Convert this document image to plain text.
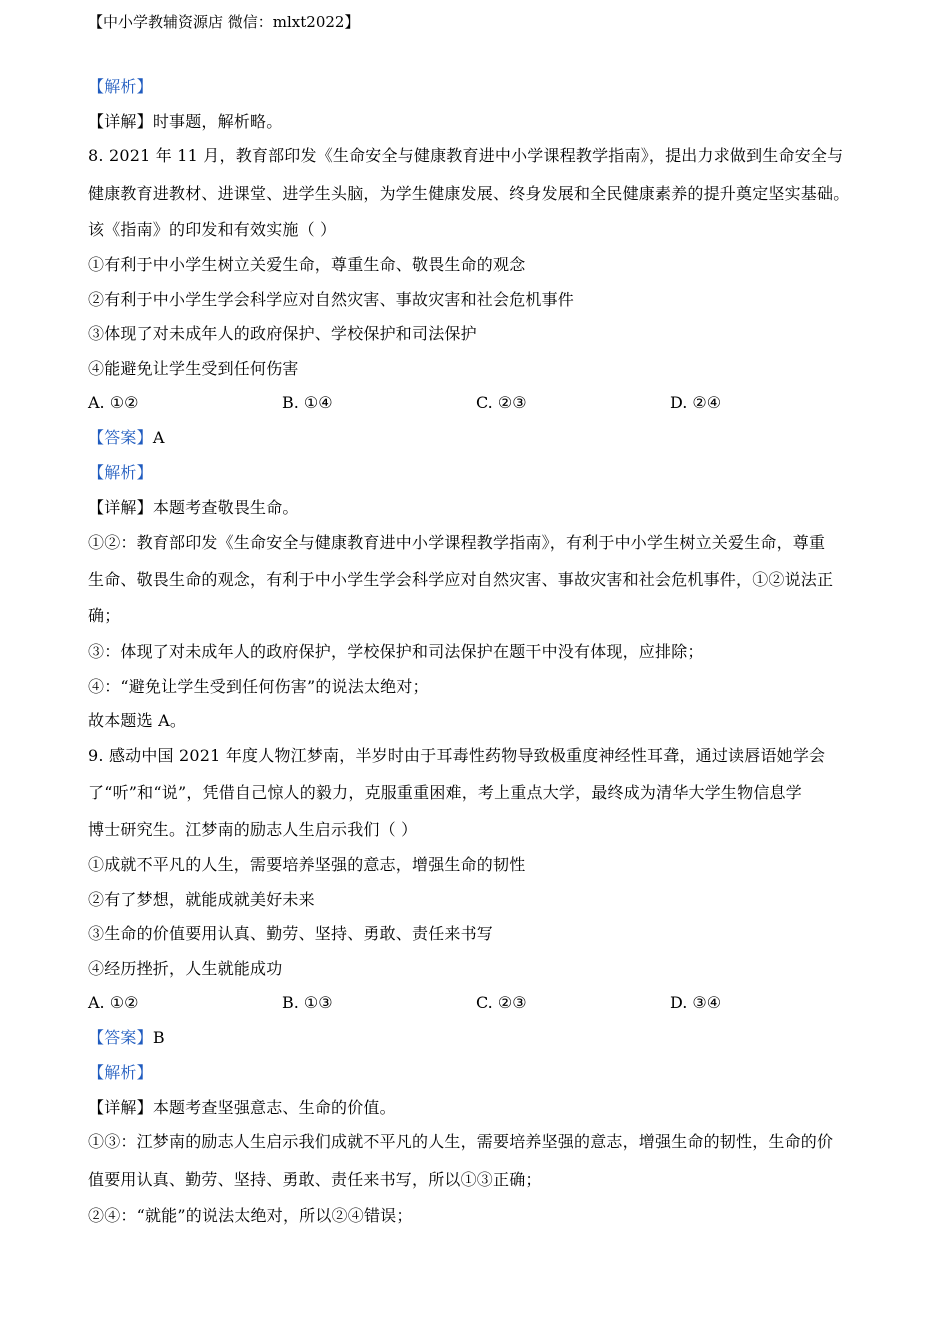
【中小学教辅资源店 微信：mlxt2022】
【解析】
【详解】时事题，解析略。
8. 2021 年 11 月，教育部印发《生命安全与健康教育进中小学课程教学指南》，提出力求做到生命安全与
健康教育进教材、进课堂、进学生头脑，为学生健康发展、终身发展和全民健康素养的提升奠定坚实基础。
该《指南》的印发和有效实施（ ）
①有利于中小学生树立关爱生命，尊重生命、敬畏生命的观念
②有利于中小学生学会科学应对自然灾害、事故灾害和社会危机事件
③体现了对未成年人的政府保护、学校保护和司法保护
④能避免让学生受到任何伤害
A. ①②	B. ①④	C. ②③	D. ②④
【答案】A
【解析】
【详解】本题考查敬畏生命。
①②：教育部印发《生命安全与健康教育进中小学课程教学指南》，有利于中小学生树立关爱生命，尊重
生命、敬畏生命的观念，有利于中小学生学会科学应对自然灾害、事故灾害和社会危机事件，①②说法正
确；
③：体现了对未成年人的政府保护，学校保护和司法保护在题干中没有体现，应排除；
④：“避免让学生受到任何伤害”的说法太绝对；
故本题选 A。
9. 感动中国 2021 年度人物江梦南，半岁时由于耳毒性药物导致极重度神经性耳聋，通过读唇语她学会
了“听”和“说”，凭借自己惊人的毅力，克服重重困难，考上重点大学，最终成为清华大学生物信息学
博士研究生。江梦南的励志人生启示我们（ ）
①成就不平凡的人生，需要培养坚强的意志，增强生命的韧性
②有了梦想，就能成就美好未来
③生命的价值要用认真、勤劳、坚持、勇敢、责任来书写
④经历挫折，人生就能成功
A. ①②	B. ①③	C. ②③	D. ③④
【答案】B
【解析】
【详解】本题考查坚强意志、生命的价值。
①③：江梦南的励志人生启示我们成就不平凡的人生，需要培养坚强的意志，增强生命的韧性，生命的价
值要用认真、勤劳、坚持、勇敢、责任来书写，所以①③正确；
②④：“就能”的说法太绝对，所以②④错误；
